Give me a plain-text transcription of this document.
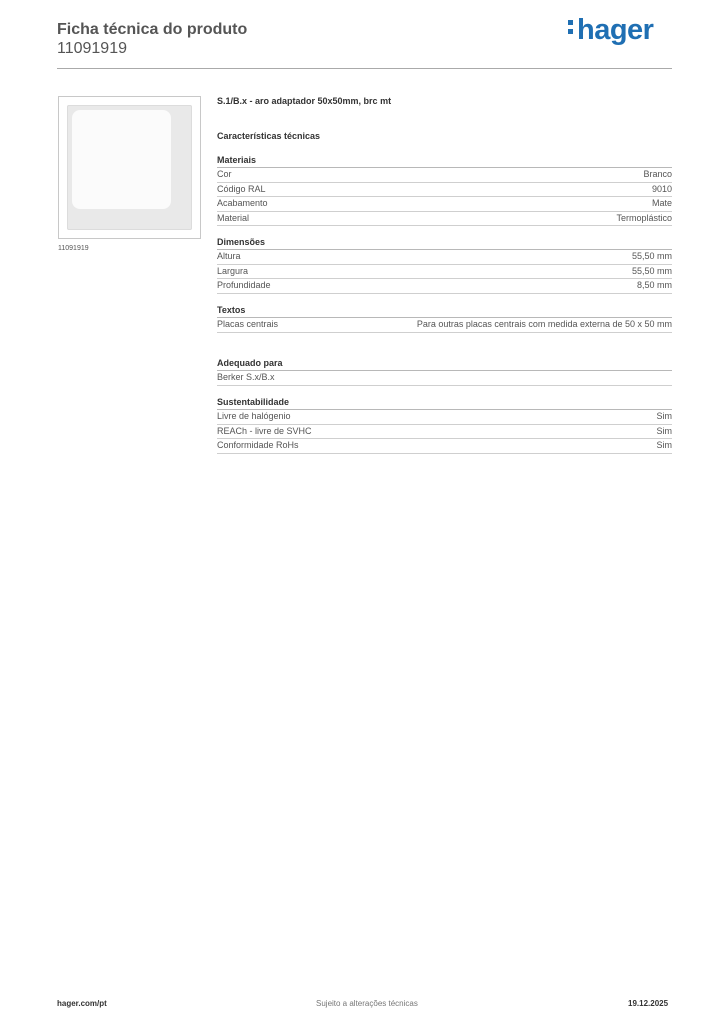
Ficha técnica do produto
11091919
hager
11091919
S.1/B.x - aro adaptador 50x50mm, brc mt
Características técnicas
Materiais
Cor	Branco
Código RAL	9010
Acabamento	Mate
Material	Termoplástico
Dimensões
Altura	55,50 mm
Largura	55,50 mm
Profundidade	8,50 mm
Textos
Placas centrais	Para outras placas centrais com medida externa de 50 x 50 mm
Adequado para
Berker S.x/B.x
Sustentabilidade
Livre de halógenio	Sim
REACh - livre de SVHC	Sim
Conformidade RoHs	Sim
hager.com/pt	Sujeito a alterações técnicas	19.12.2025
